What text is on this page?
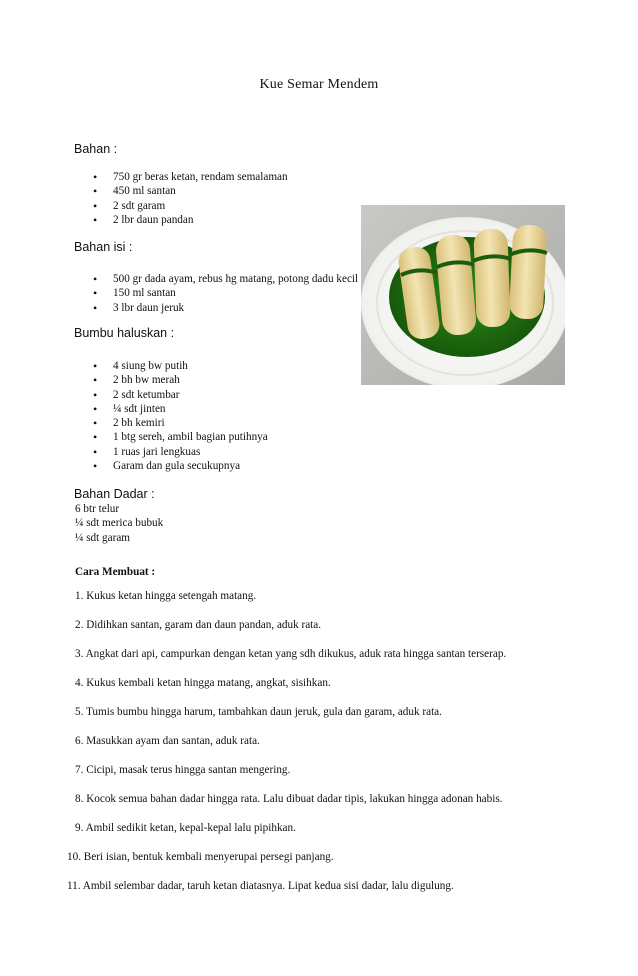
Kue Semar Mendem
Bahan :
• 750 gr beras ketan, rendam semalaman
• 450 ml santan
• 2 sdt garam
• 2 lbr daun pandan
Bahan isi :
• 500 gr dada ayam, rebus hg matang, potong dadu kecil
• 150 ml santan
• 3 lbr daun jeruk
Bumbu haluskan :
• 4 siung bw putih
• 2 bh bw merah
• 2 sdt ketumbar
• ¼ sdt jinten
• 2 bh kemiri
• 1 btg sereh, ambil bagian putihnya
• 1 ruas jari lengkuas
• Garam dan gula secukupnya
Bahan Dadar :
6 btr telur
¼ sdt merica bubuk
¼ sdt garam
Cara Membuat :
1. Kukus ketan hingga setengah matang.
2. Didihkan santan, garam dan daun pandan, aduk rata.
3. Angkat dari api, campurkan dengan ketan yang sdh dikukus, aduk rata hingga santan terserap.
4. Kukus kembali ketan hingga matang, angkat, sisihkan.
5. Tumis bumbu hingga harum, tambahkan daun jeruk, gula dan garam, aduk rata.
6. Masukkan ayam dan santan, aduk rata.
7. Cicipi, masak terus hingga santan mengering.
8. Kocok semua bahan dadar hingga rata. Lalu dibuat dadar tipis, lakukan hingga adonan habis.
9. Ambil sedikit ketan, kepal-kepal lalu pipihkan.
10. Beri isian, bentuk kembali menyerupai persegi panjang.
11. Ambil selembar dadar, taruh ketan diatasnya. Lipat kedua sisi dadar, lalu digulung.
